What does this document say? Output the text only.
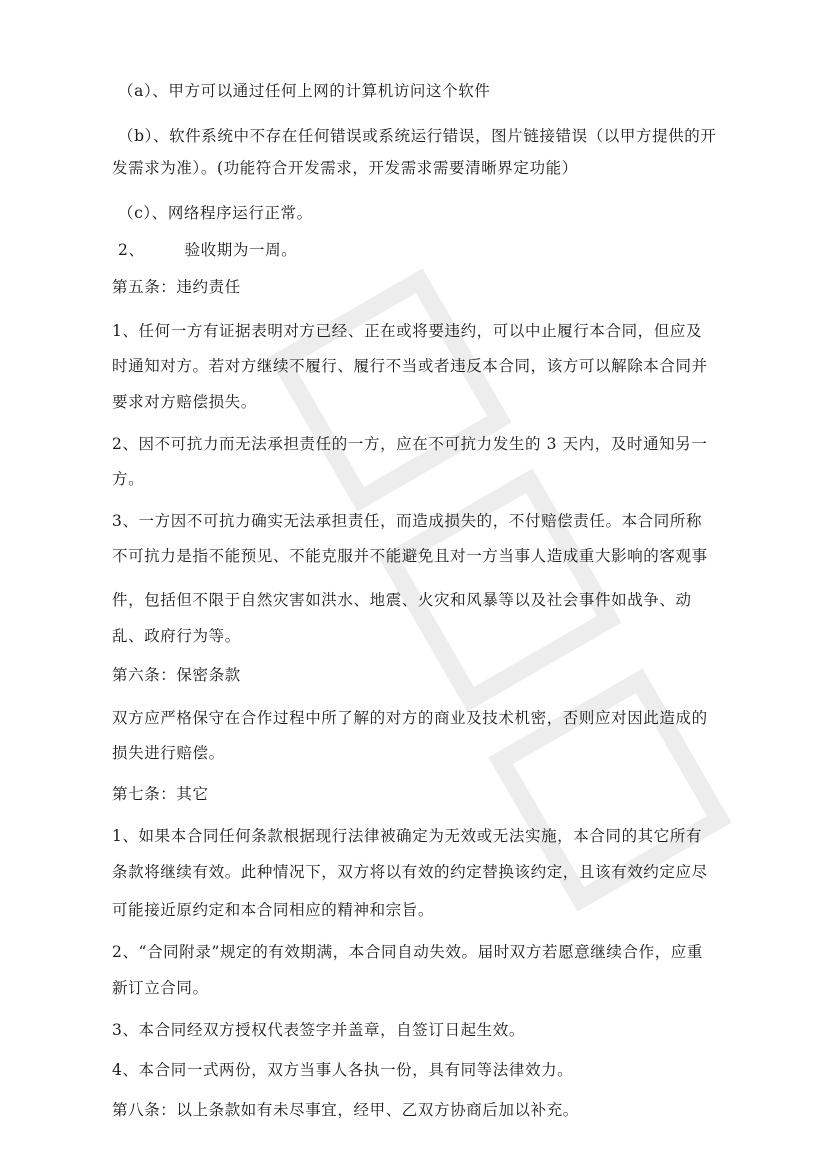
（a）、甲方可以通过任何上网的计算机访问这个软件
（b）、软件系统中不存在任何错误或系统运行错误，图片链接错误（以甲方提供的开
发需求为准）。(功能符合开发需求，开发需求需要清晰界定功能）
（c）、网络程序运行正常。
2、	验收期为一周。
第五条：违约责任
1、任何一方有证据表明对方已经、正在或将要违约，可以中止履行本合同，但应及
时通知对方。若对方继续不履行、履行不当或者违反本合同，该方可以解除本合同并
要求对方赔偿损失。
2、因不可抗力而无法承担责任的一方，应在不可抗力发生的 3 天内，及时通知另一
方。
3、一方因不可抗力确实无法承担责任，而造成损失的，不付赔偿责任。本合同所称
不可抗力是指不能预见、不能克服并不能避免且对一方当事人造成重大影响的客观事
件，包括但不限于自然灾害如洪水、地震、火灾和风暴等以及社会事件如战争、动
乱、政府行为等。
第六条：保密条款
双方应严格保守在合作过程中所了解的对方的商业及技术机密，否则应对因此造成的
损失进行赔偿。
第七条：其它
1、如果本合同任何条款根据现行法律被确定为无效或无法实施，本合同的其它所有
条款将继续有效。此种情况下，双方将以有效的约定替换该约定，且该有效约定应尽
可能接近原约定和本合同相应的精神和宗旨。
2、“合同附录”规定的有效期满，本合同自动失效。届时双方若愿意继续合作，应重
新订立合同。
3、本合同经双方授权代表签字并盖章，自签订日起生效。
4、本合同一式两份，双方当事人各执一份，具有同等法律效力。
第八条：以上条款如有未尽事宜，经甲、乙双方协商后加以补充。
